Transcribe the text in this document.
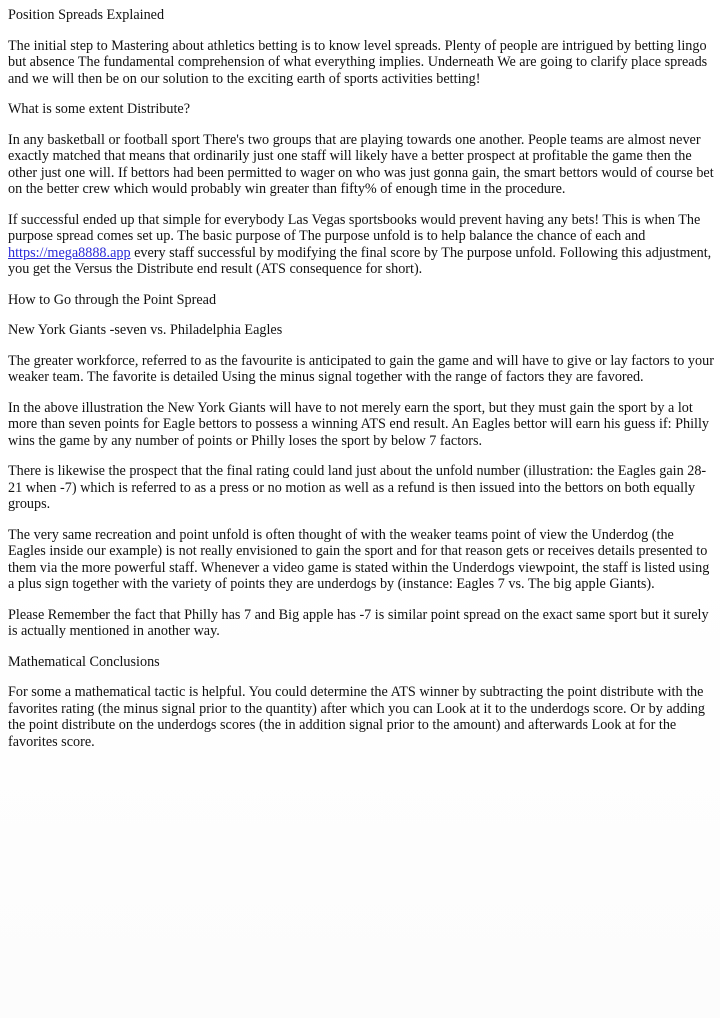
Position Spreads Explained

The initial step to Mastering about athletics betting is to know level spreads. Plenty of people are intrigued by betting lingo but absence The fundamental comprehension of what everything implies. Underneath We are going to clarify place spreads and we will then be on our solution to the exciting earth of sports activities betting!

What is some extent Distribute?

In any basketball or football sport There's two groups that are playing towards one another. People teams are almost never exactly matched that means that ordinarily just one staff will likely have a better prospect at profitable the game then the other just one will. If bettors had been permitted to wager on who was just gonna gain, the smart bettors would of course bet on the better crew which would probably win greater than fifty% of enough time in the procedure.

If successful ended up that simple for everybody Las Vegas sportsbooks would prevent having any bets! This is when The purpose spread comes set up. The basic purpose of The purpose unfold is to help balance the chance of each and https://mega8888.app every staff successful by modifying the final score by The purpose unfold. Following this adjustment, you get the Versus the Distribute end result (ATS consequence for short).

How to Go through the Point Spread

New York Giants -seven vs. Philadelphia Eagles

The greater workforce, referred to as the favourite is anticipated to gain the game and will have to give or lay factors to your weaker team. The favorite is detailed Using the minus signal together with the range of factors they are favored.

In the above illustration the New York Giants will have to not merely earn the sport, but they must gain the sport by a lot more than seven points for Eagle bettors to possess a winning ATS end result. An Eagles bettor will earn his guess if: Philly wins the game by any number of points or Philly loses the sport by below 7 factors.

There is likewise the prospect that the final rating could land just about the unfold number (illustration: the Eagles gain 28-21 when -7) which is referred to as a press or no motion as well as a refund is then issued into the bettors on both equally groups.

The very same recreation and point unfold is often thought of with the weaker teams point of view the Underdog (the Eagles inside our example) is not really envisioned to gain the sport and for that reason gets or receives details presented to them via the more powerful staff. Whenever a video game is stated within the Underdogs viewpoint, the staff is listed using a plus sign together with the variety of points they are underdogs by (instance: Eagles 7 vs. The big apple Giants).

Please Remember the fact that Philly has 7 and Big apple has -7 is similar point spread on the exact same sport but it surely is actually mentioned in another way.

Mathematical Conclusions

For some a mathematical tactic is helpful. You could determine the ATS winner by subtracting the point distribute with the favorites rating (the minus signal prior to the quantity) after which you can Look at it to the underdogs score. Or by adding the point distribute on the underdogs scores (the in addition signal prior to the amount) and afterwards Look at for the favorites score.
